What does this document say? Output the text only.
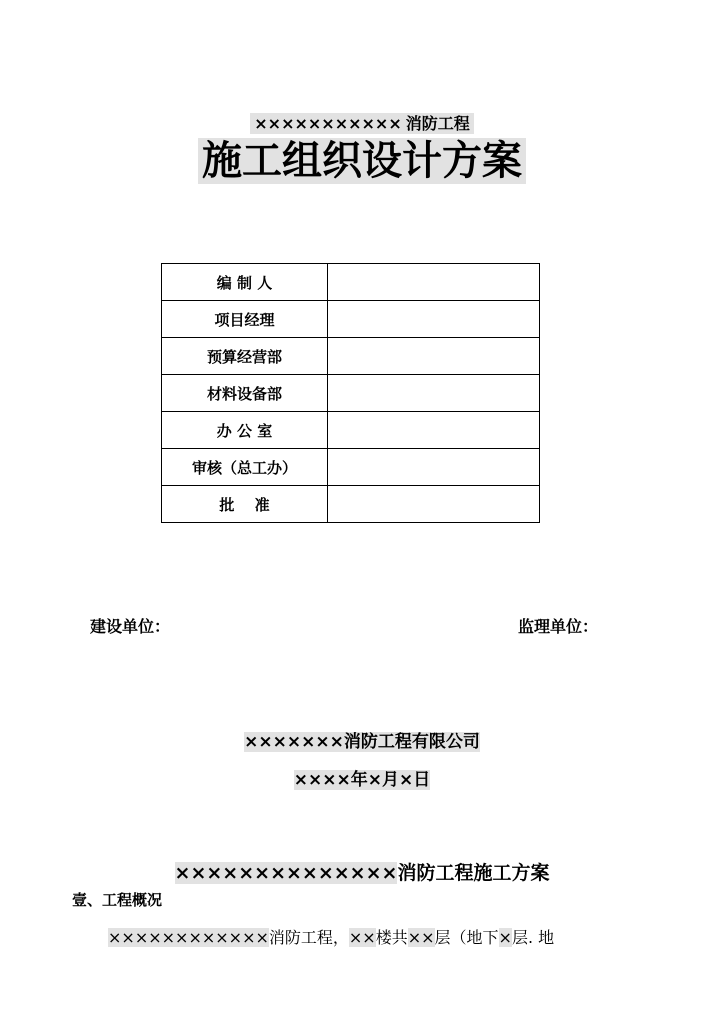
××××××××××× 消防工程
施工组织设计方案
编 制 人	
项目经理	
预算经营部	
材料设备部	
办 公 室	
审核（总工办）	
批　 准	
建设单位：	监理单位：
×××××××消防工程有限公司
××××年×月×日
××××××××××××××消防工程施工方案
壹、工程概况
××××××××××××消防工程，××楼共××层（地下×层. 地
